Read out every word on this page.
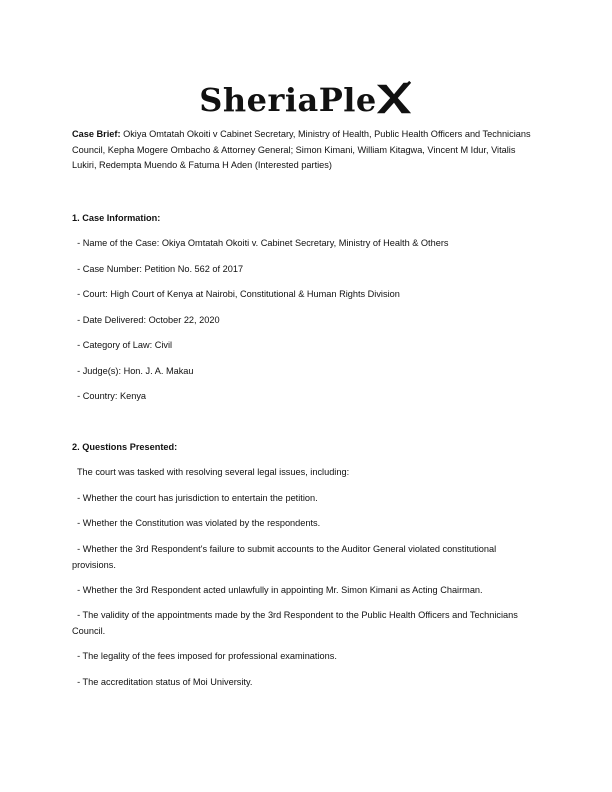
SheriaPle
Case Brief: Okiya Omtatah Okoiti v Cabinet Secretary, Ministry of Health, Public Health Officers and Technicians Council, Kepha Mogere Ombacho & Attorney General; Simon Kimani, William Kitagwa, Vincent M Idur, Vitalis Lukiri, Redempta Muendo & Fatuma H Aden (Interested parties)
1. Case Information:
- Name of the Case: Okiya Omtatah Okoiti v. Cabinet Secretary, Ministry of Health & Others
- Case Number: Petition No. 562 of 2017
- Court: High Court of Kenya at Nairobi, Constitutional & Human Rights Division
- Date Delivered: October 22, 2020
- Category of Law: Civil
- Judge(s): Hon. J. A. Makau
- Country: Kenya
2. Questions Presented:
The court was tasked with resolving several legal issues, including:
- Whether the court has jurisdiction to entertain the petition.
- Whether the Constitution was violated by the respondents.
- Whether the 3rd Respondent's failure to submit accounts to the Auditor General violated constitutional provisions.
- Whether the 3rd Respondent acted unlawfully in appointing Mr. Simon Kimani as Acting Chairman.
- The validity of the appointments made by the 3rd Respondent to the Public Health Officers and Technicians Council.
- The legality of the fees imposed for professional examinations.
- The accreditation status of Moi University.
